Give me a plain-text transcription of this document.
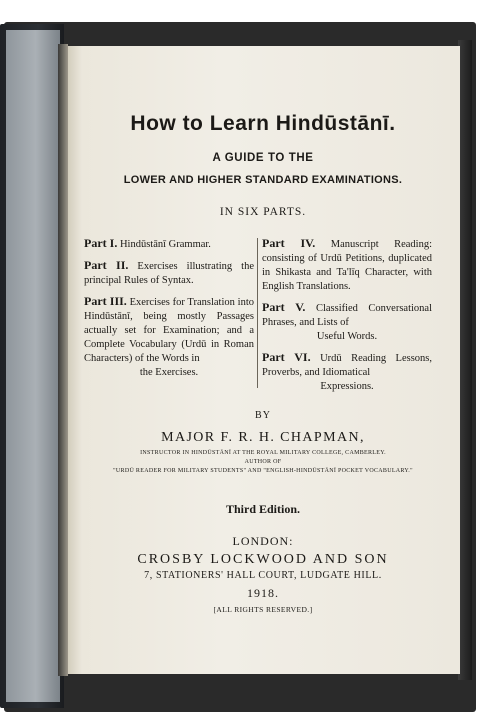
How to Learn Hindūstānī.
A GUIDE TO THE
LOWER AND HIGHER STANDARD EXAMINATIONS.
IN SIX PARTS.
Part I. Hindūstānī Grammar.
Part II. Exercises illustrating the principal Rules of Syntax.
Part III. Exercises for Translation into Hindūstānī, being mostly Passages actually set for Examination; and a Complete Vocabulary (Urdū in Roman Characters) of the Words in
the Exercises.
Part IV. Manuscript Reading: consisting of Urdū Petitions, duplicated in Shikasta and Ta'līq Character, with English Translations.
Part V. Classified Conversational Phrases, and Lists of
Useful Words.
Part VI. Urdū Reading Lessons, Proverbs, and Idiomatical
Expressions.
BY
MAJOR F. R. H. CHAPMAN,
INSTRUCTOR IN HINDŪSTĀNĪ AT THE ROYAL MILITARY COLLEGE, CAMBERLEY.
AUTHOR OF
"URDŪ READER FOR MILITARY STUDENTS" AND "ENGLISH-HINDŪSTĀNĪ POCKET VOCABULARY."
Third Edition.
LONDON:
CROSBY LOCKWOOD AND SON
7, STATIONERS' HALL COURT, LUDGATE HILL.
1918.
[ALL RIGHTS RESERVED.]
